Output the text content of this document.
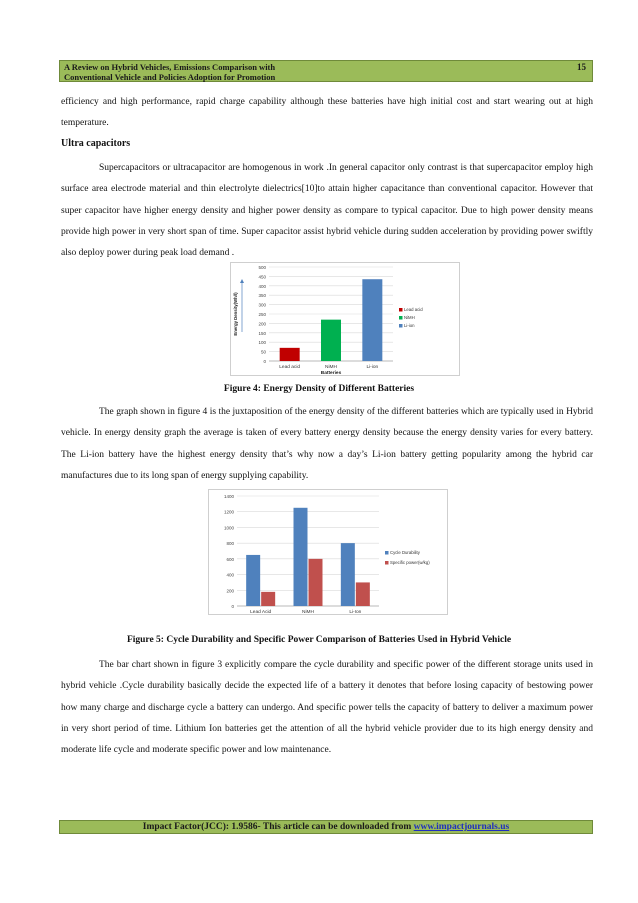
A Review on Hybrid Vehicles, Emissions Comparison with
Conventional Vehicle and Policies Adoption for Promotion
15
efficiency and high performance, rapid charge capability although these batteries have high initial cost and start wearing out at high temperature.
Ultra capacitors
Supercapacitors or ultracapacitor are homogenous in work .In general capacitor only contrast is that supercapacitor employ high surface area electrode material and thin electrolyte dielectrics[10]to attain higher capacitance than conventional capacitor. However that super capacitor have higher energy density and higher power density as compare to typical capacitor. Due to high power density means provide high power in very short span of time. Super capacitor assist hybrid vehicle during sudden acceleration by providing power swiftly also deploy power during peak load demand .
0
50
100
150
200
250
300
350
400
450
500
Lead acid	NiMH	Li-ion
Lead acid
NiMH
Li-ion
Batteries
Energy Density(Wh/l)
Figure 4: Energy Density of Different Batteries
The graph shown in figure 4 is the juxtaposition of the energy density of the different batteries which are typically used in Hybrid vehicle. In energy density graph the average is taken of every battery energy density because the energy density varies for every battery. The Li-ion battery have the highest energy density that’s why now a day’s Li-ion battery getting popularity among the hybrid car manufactures due to its long span of energy supplying capability.
0
200
400
600
800
1000
1200
1400
Lead Acid	NiMH	Li-Ion
Cycle Durability
Specific power(w/kg)
Figure 5: Cycle Durability and Specific Power Comparison of Batteries Used in Hybrid Vehicle
The bar chart shown in figure 3 explicitly compare the cycle durability and specific power of the different storage units used in hybrid vehicle .Cycle durability basically decide the expected life of a battery it denotes that before losing capacity of bestowing power how many charge and discharge cycle a battery can undergo. And specific power tells the capacity of battery to deliver a maximum power in very short period of time. Lithium Ion batteries get the attention of all the hybrid vehicle provider due to its high energy density and moderate life cycle and moderate specific power and low maintenance.
Impact Factor(JCC): 1.9586- This article can be downloaded from www.impactjournals.us
